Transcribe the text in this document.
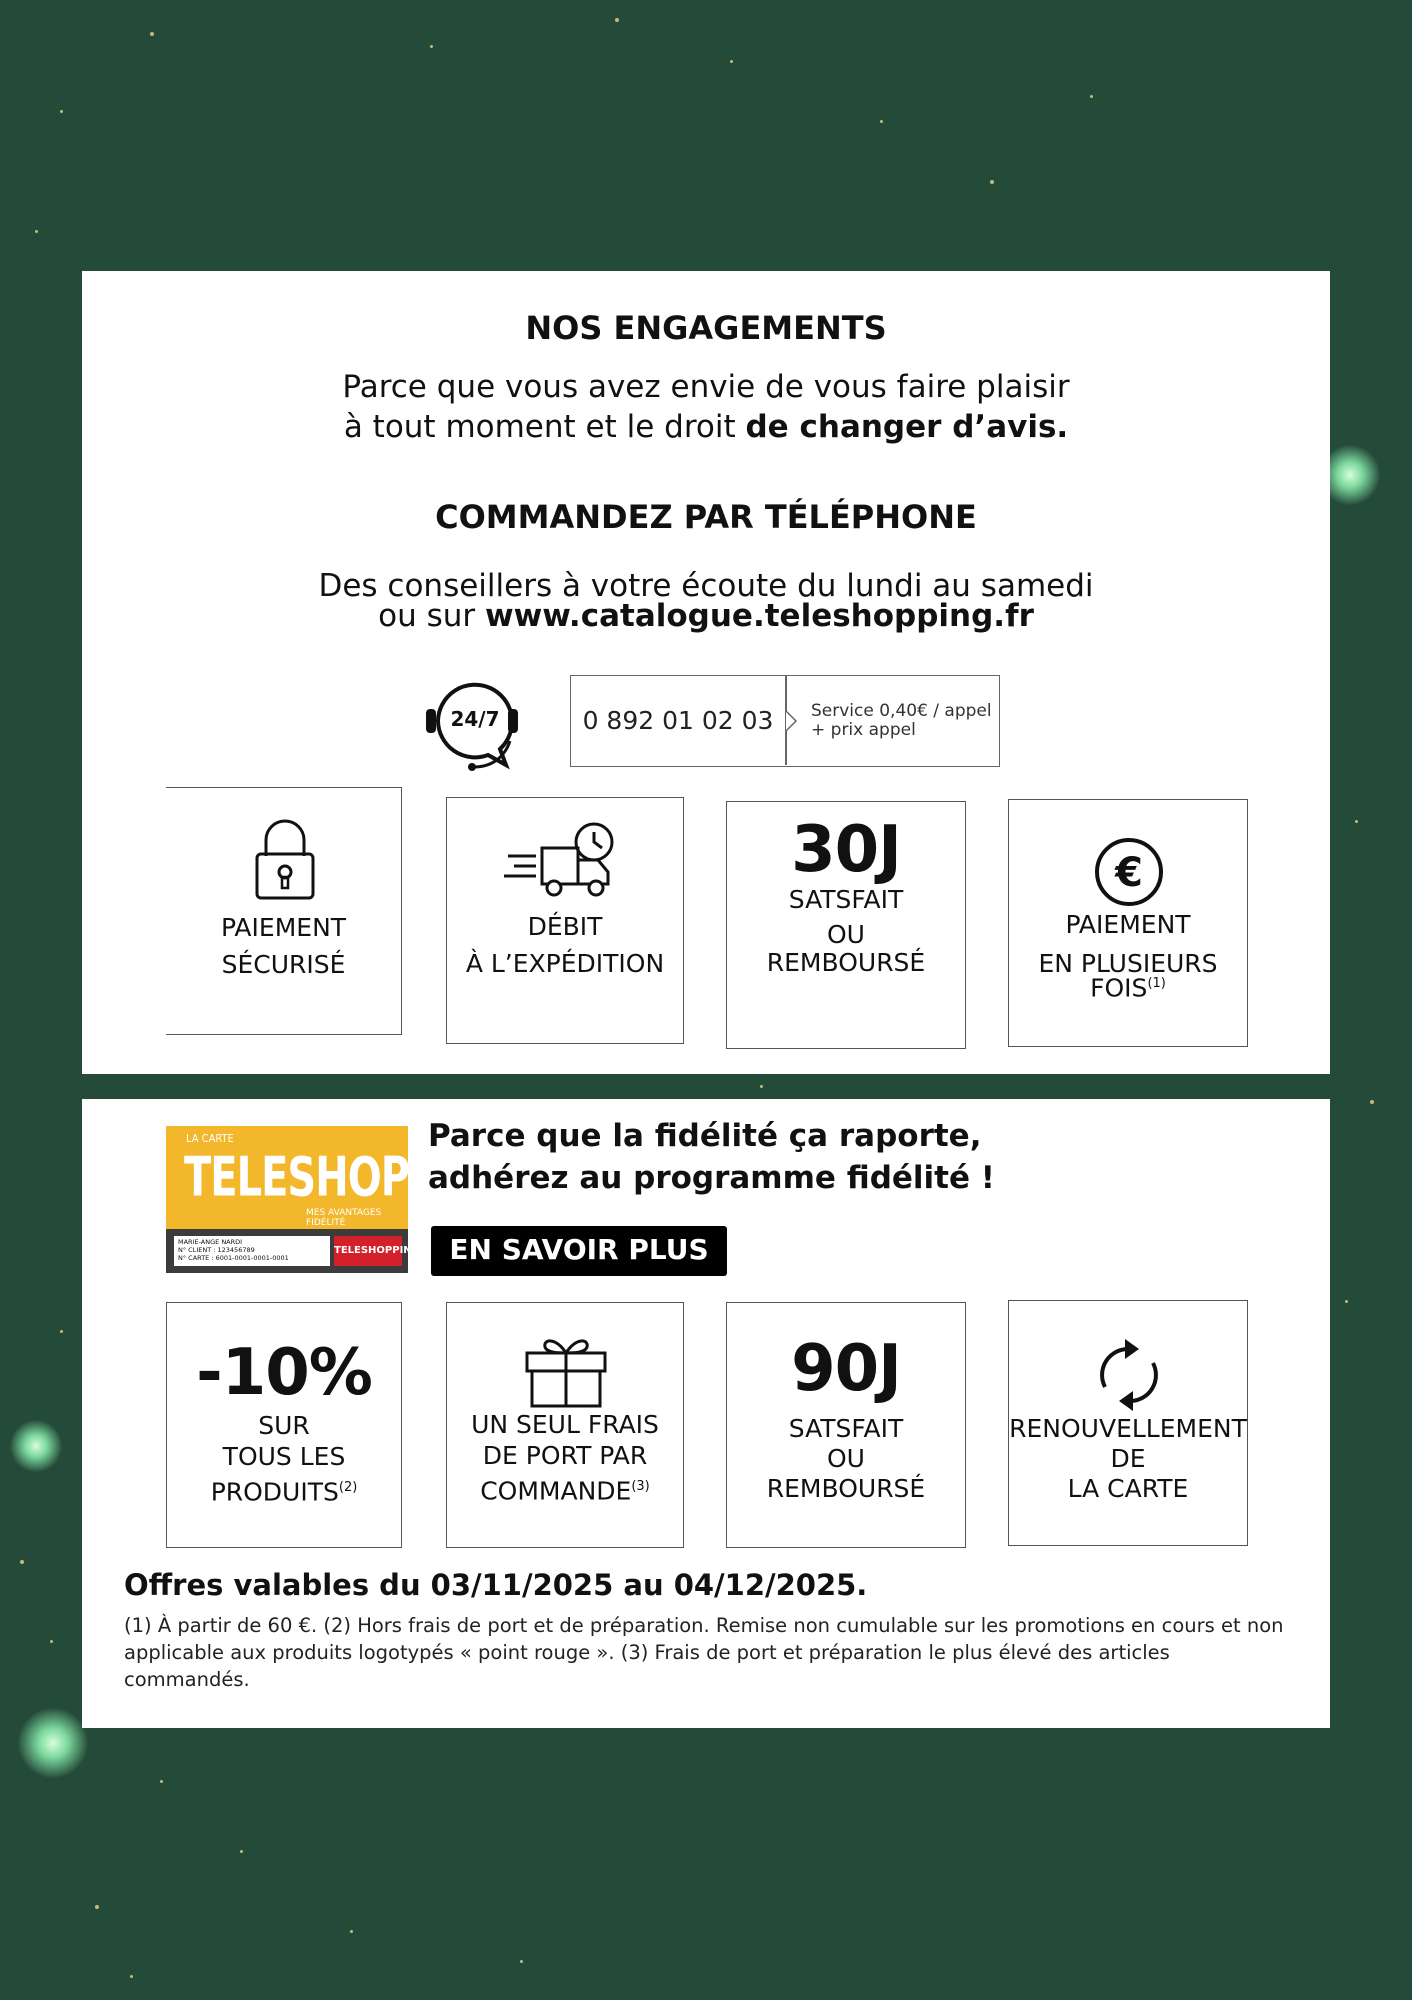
NOS ENGAGEMENTS
Parce que vous avez envie de vous faire plaisir
à tout moment et le droit de changer d’avis.
COMMANDEZ PAR TÉLÉPHONE
Des conseillers à votre écoute du lundi au samedi
ou sur www.catalogue.teleshopping.fr
24/7	0 892 01 02 03	Service 0,40€ / appel
+ prix appel
PAIEMENT
SÉCURISÉ
DÉBIT
À L’EXPÉDITION
30J
SATSFAIT
OU
REMBOURSÉ
€
PAIEMENT
EN PLUSIEURS
FOIS$^{(1)}$
LA CARTE
TELESHOPPING
MES AVANTAGES FIDÉLITÉ
MARIE-ANGE NARDI
N° CLIENT : 123456789
N° CARTE : 6001-0001-0001-0001
TELESHOPPING
Parce que la fidélité ça raporte,
adhérez au programme fidélité !
EN SAVOIR PLUS
-10%
SUR
TOUS LES
PRODUITS$^{(2)}$
UN SEUL FRAIS
DE PORT PAR
COMMANDE$^{(3)}$
90J
SATSFAIT
OU
REMBOURSÉ
RENOUVELLEMENT
DE
LA CARTE
Offres valables du 03/11/2025 au 04/12/2025.
(1) À partir de 60 €. (2) Hors frais de port et de préparation. Remise non cumulable sur les promotions en cours et non applicable aux produits logotypés « point rouge ». (3) Frais de port et préparation le plus élevé des articles commandés.
